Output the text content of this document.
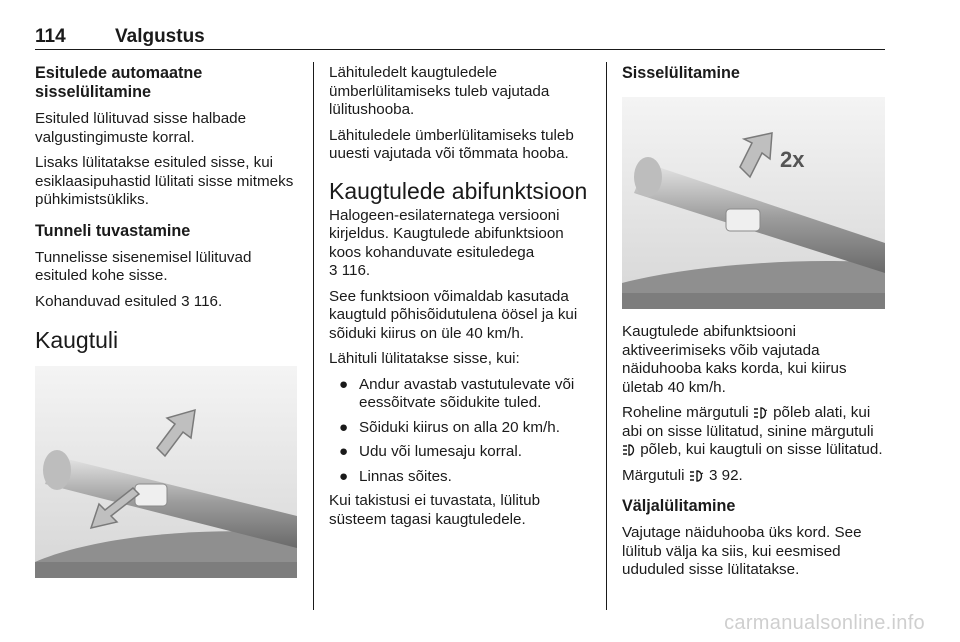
114	Valgustus
Esitulede automaatne sisselülitamine

Esituled lülituvad sisse halbade valgustingimuste korral.

Lisaks lülitatakse esituled sisse, kui esiklaasipuhastid lülitati sisse mitmeks pühkimistsükliks.

Tunneli tuvastamine

Tunnelisse sisenemisel lülituvad esituled kohe sisse.

Kohanduvad esituled 3 116.

Kaugtuli

Lähituledelt kaugtuledele ümberlülitamiseks tuleb vajutada lülitushooba.

Lähituledele ümberlülitamiseks tuleb uuesti vajutada või tõmmata hooba.

Kaugtulede abifunktsioon

Halogeen-esilaternatega versiooni kirjeldus. Kaugtulede abifunktsioon koos kohanduvate esituledega
3 116.

See funktsioon võimaldab kasutada kaugtuld põhisõidutulena öösel ja kui sõiduki kiirus on üle 40 km/h.

Lähituli lülitatakse sisse, kui:

● Andur avastab vastutulevate või eessõitvate sõidukite tuled.
● Sõiduki kiirus on alla 20 km/h.
● Udu või lumesaju korral.
● Linnas sõites.

Kui takistusi ei tuvastata, lülitub süsteem tagasi kaugtuledele.

Sisselülitamine
2x

Kaugtulede abifunktsiooni aktiveerimiseks võib vajutada näiduhooba kaks korda, kui kiirus ületab 40 km/h.

Roheline märgutuli põleb alati, kui abi on sisse lülitatud, sinine märgutuli  põleb, kui kaugtuli on sisse lülitatud.

Märgutuli 3 92.

Väljalülitamine

Vajutage näiduhooba üks kord. See lülitub välja ka siis, kui eesmised ududuled sisse lülitatakse.

carmanualsonline.info
